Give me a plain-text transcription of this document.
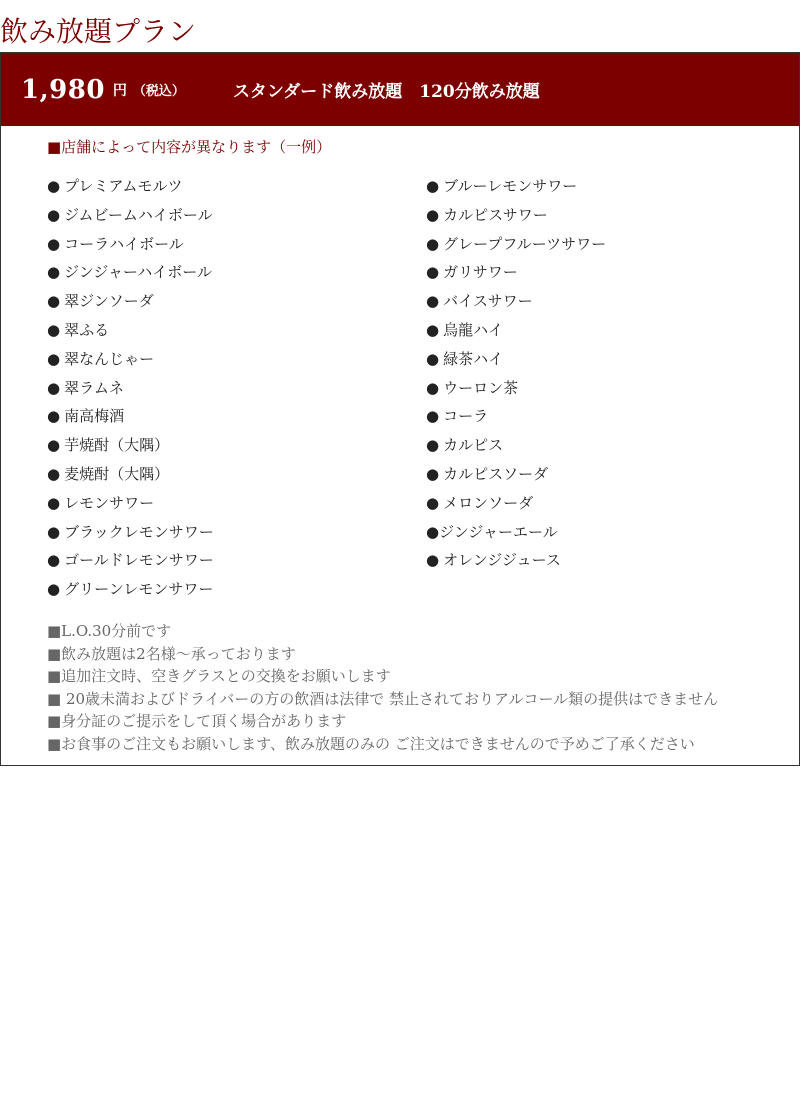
飲み放題プラン
1,980 円 （税込）	スタンダード飲み放題　120分飲み放題
■店舗によって内容が異なります（一例）
● プレミアムモルツ
● ジムビームハイボール
● コーラハイボール
● ジンジャーハイボール
● 翠ジンソーダ
● 翠ふる
● 翠なんじゃー
● 翠ラムネ
● 南高梅酒
● 芋焼酎（大隅）
● 麦焼酎（大隅）
● レモンサワー
● ブラックレモンサワー
● ゴールドレモンサワー
● グリーンレモンサワー
● ブルーレモンサワー
● カルピスサワー
● グレープフルーツサワー
● ガリサワー
● バイスサワー
● 烏龍ハイ
● 緑茶ハイ
● ウーロン茶
● コーラ
● カルピス
● カルピスソーダ
● メロンソーダ
●ジンジャーエール
● オレンジジュース
■L.O.30分前です
■飲み放題は2名様～承っております
■追加注文時、空きグラスとの交換をお願いします
■ 20歳未満およびドライバーの方の飲酒は法律で 禁止されておりアルコール類の提供はできません
■身分証のご提示をして頂く場合があります
■お食事のご注文もお願いします、飲み放題のみの ご注文はできませんので予めご了承ください
